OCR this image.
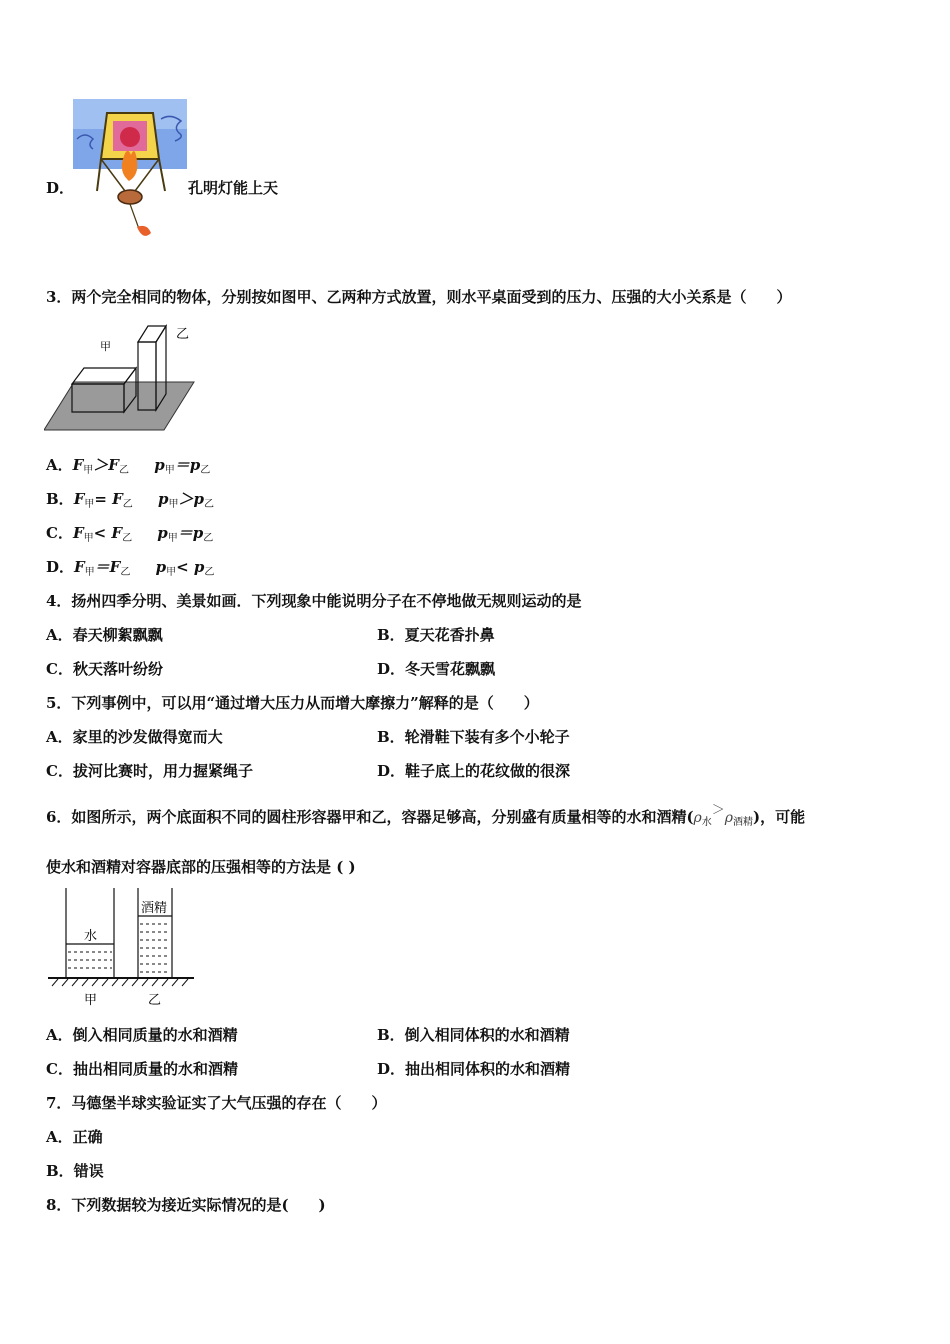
D．	孔明灯能上天
3．两个完全相同的物体，分别按如图甲、乙两种方式放置，则水平桌面受到的压力、压强的大小关系是（　　）
甲
乙
A．$F_甲>F_乙$ $p_甲=p_乙$
B．$F_甲= F_乙$ $p_甲>p_乙$
C．$F_甲< F_乙$ $p_甲=p_乙$
D．$F_甲=F_乙$ $p_甲< p_乙$
4．扬州四季分明、美景如画．下列现象中能说明分子在不停地做无规则运动的是
A．春天柳絮飘飘	B．夏天花香扑鼻
C．秋天落叶纷纷	D．冬天雪花飘飘
5．下列事例中，可以用“通过增大压力从而增大摩擦力”解释的是（　　）
A．家里的沙发做得宽而大	B．轮滑鞋下装有多个小轮子
C．拔河比赛时，用力握紧绳子	D．鞋子底上的花纹做的很深
6．如图所示，两个底面积不同的圆柱形容器甲和乙，容器足够高，分别盛有质量相等的水和酒精$(\rho_水>\rho_{酒精})$，可能
使水和酒精对容器底部的压强相等的方法是 ( )
水
酒精
甲	乙
A．倒入相同质量的水和酒精	B．倒入相同体积的水和酒精
C．抽出相同质量的水和酒精	D．抽出相同体积的水和酒精
7．马德堡半球实验证实了大气压强的存在（　　）
A．正确
B．错误
8．下列数据较为接近实际情况的是(　　)
